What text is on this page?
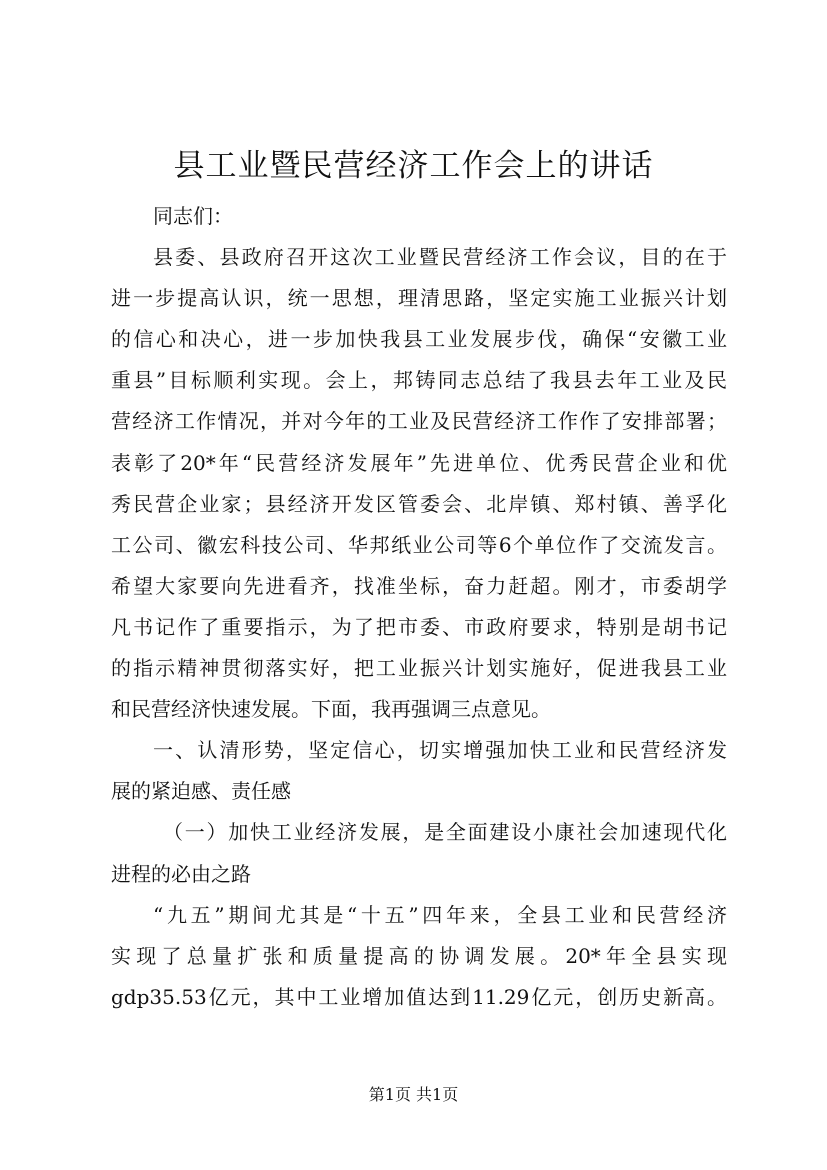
县工业暨民营经济工作会上的讲话
同志们：
县委、县政府召开这次工业暨民营经济工作会议，目的在于
进一步提高认识，统一思想，理清思路，坚定实施工业振兴计划
的信心和决心，进一步加快我县工业发展步伐，确保“安徽工业
重县”目标顺利实现。会上，邦铸同志总结了我县去年工业及民
营经济工作情况，并对今年的工业及民营经济工作作了安排部署；
表彰了20*年“民营经济发展年”先进单位、优秀民营企业和优
秀民营企业家；县经济开发区管委会、北岸镇、郑村镇、善孚化
工公司、徽宏科技公司、华邦纸业公司等6个单位作了交流发言。
希望大家要向先进看齐，找准坐标，奋力赶超。刚才，市委胡学
凡书记作了重要指示，为了把市委、市政府要求，特别是胡书记
的指示精神贯彻落实好，把工业振兴计划实施好，促进我县工业
和民营经济快速发展。下面，我再强调三点意见。
一、认清形势，坚定信心，切实增强加快工业和民营经济发
展的紧迫感、责任感
（一）加快工业经济发展，是全面建设小康社会加速现代化
进程的必由之路
“九五”期间尤其是“十五”四年来，全县工业和民营经济
实现了总量扩张和质量提高的协调发展。20*年全县实现
gdp35.53亿元，其中工业增加值达到11.29亿元，创历史新高。
第1页 共1页
